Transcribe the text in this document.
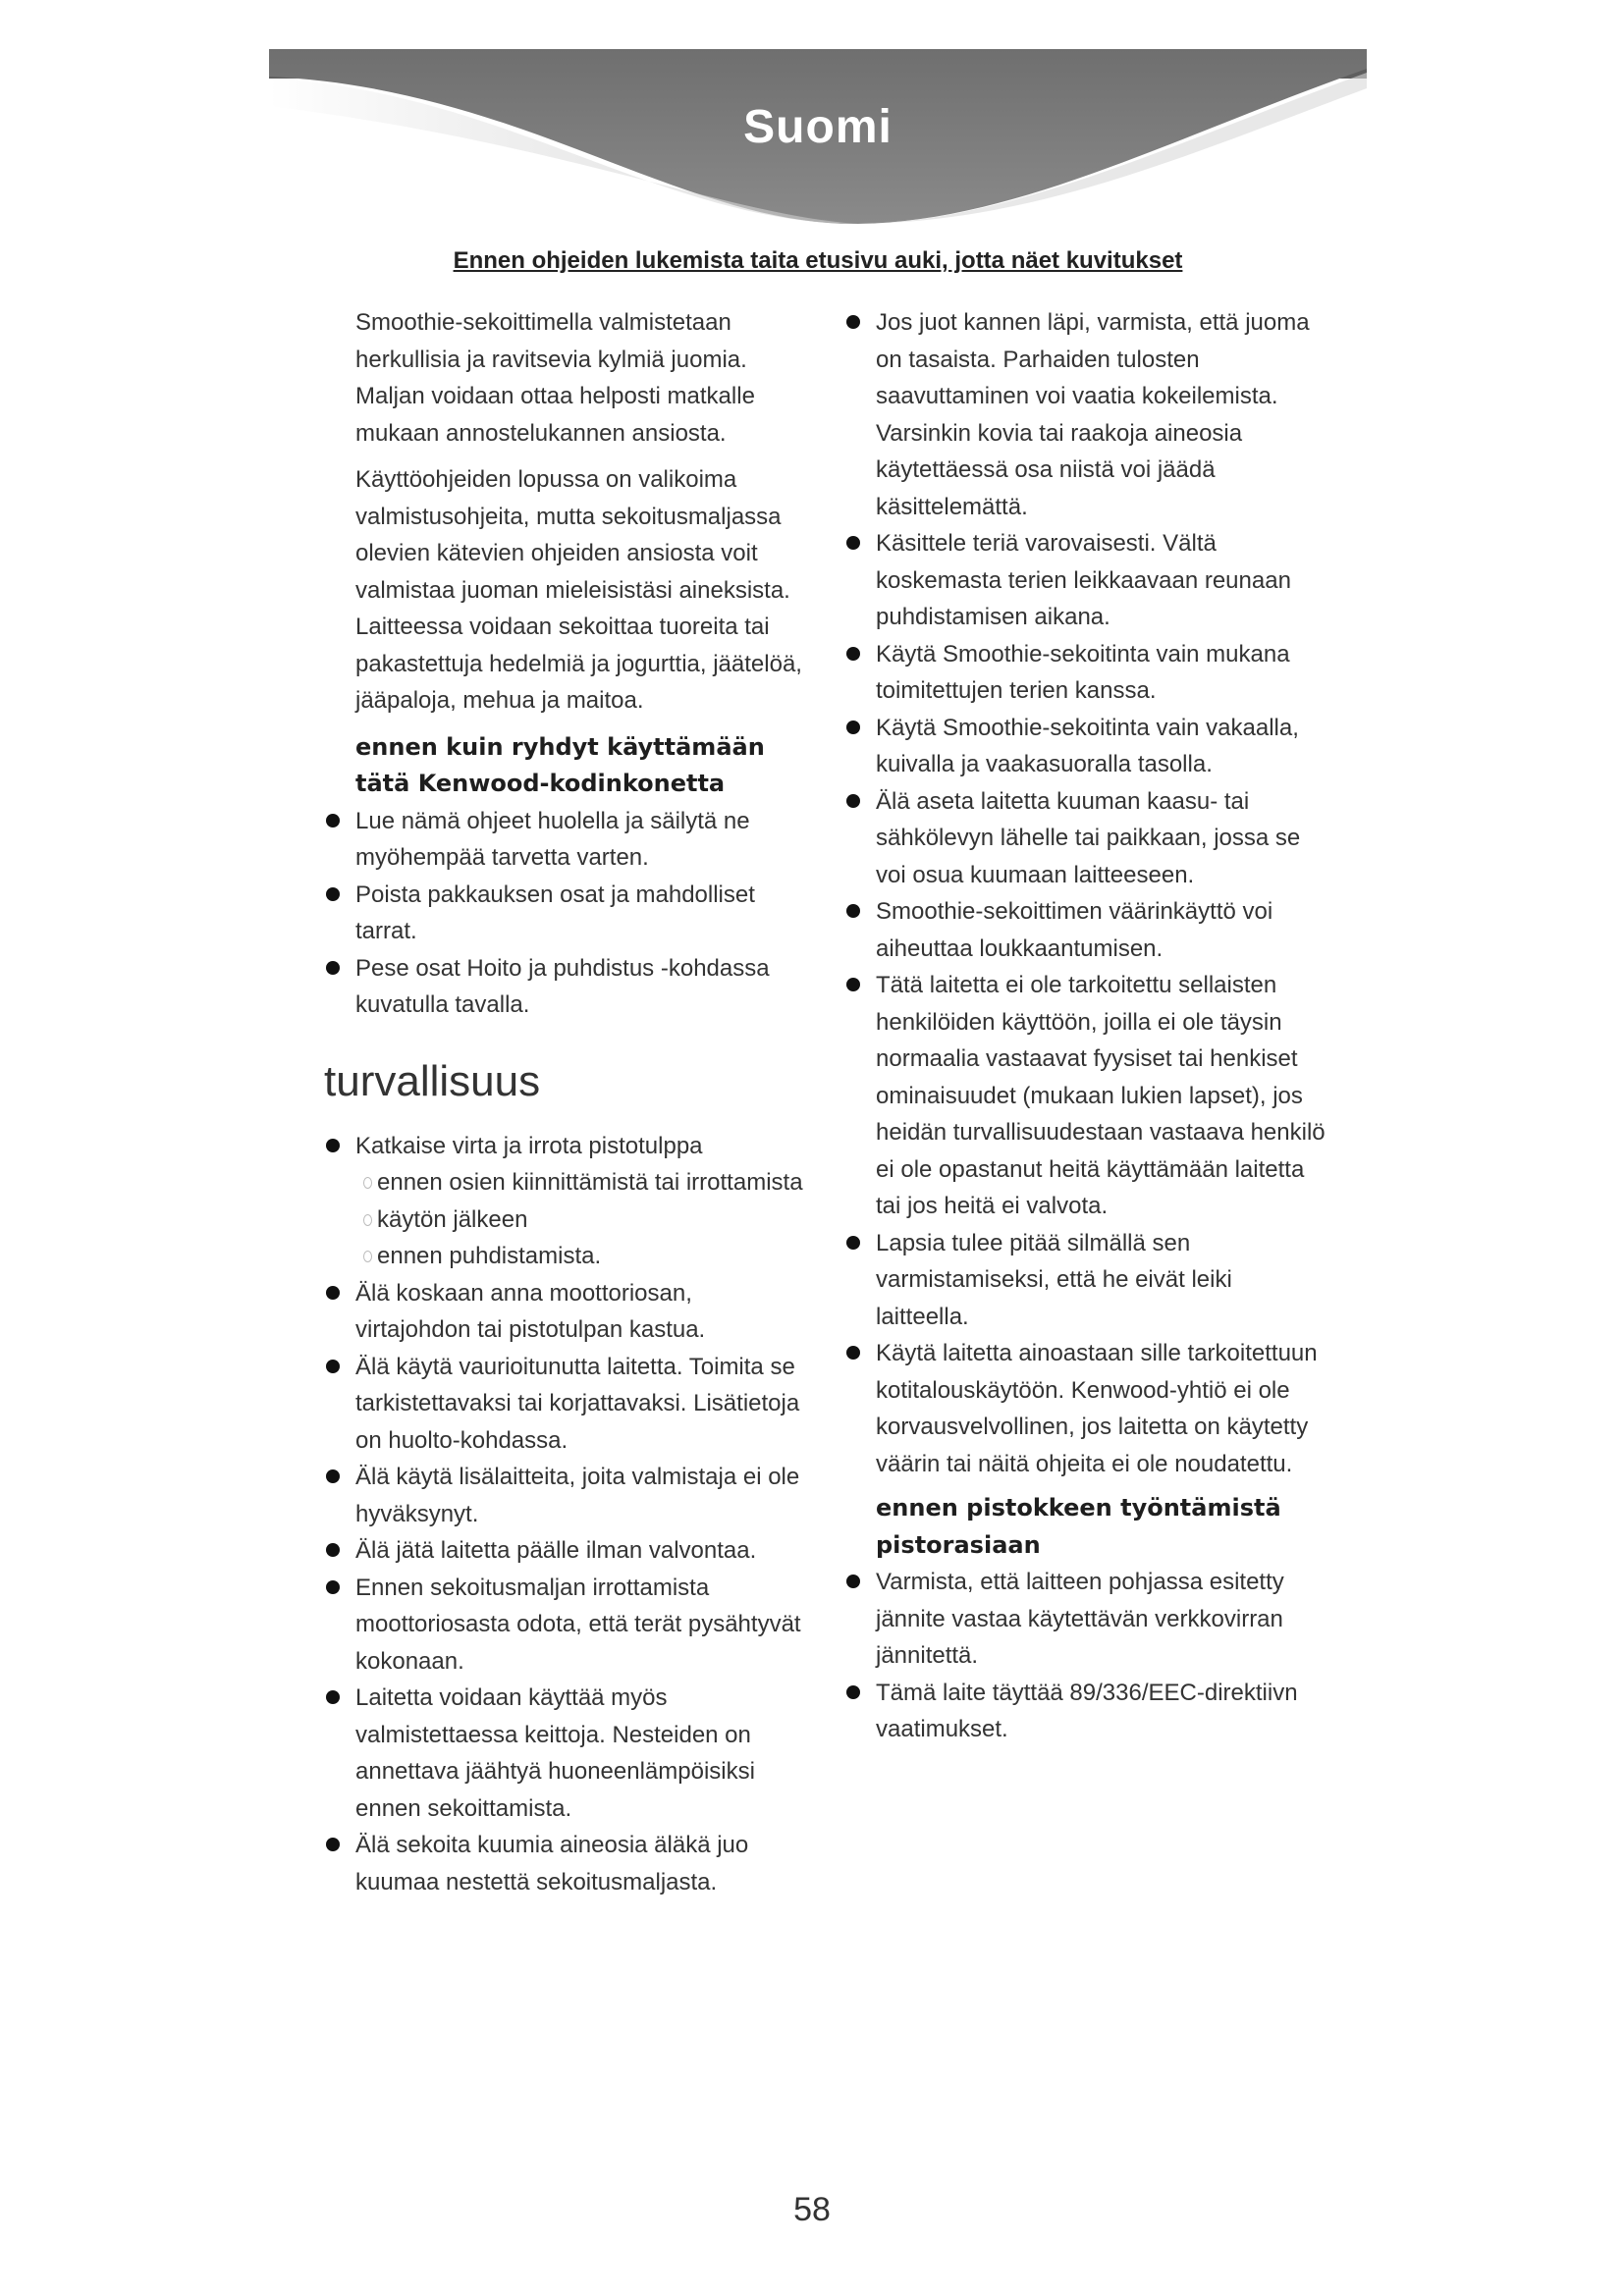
Suomi
Ennen ohjeiden lukemista taita etusivu auki, jotta näet kuvitukset

Smoothie-sekoittimella valmistetaan herkullisia ja ravitsevia kylmiä juomia. Maljan voidaan ottaa helposti matkalle mukaan annostelukannen ansiosta.

Käyttöohjeiden lopussa on valikoima valmistusohjeita, mutta sekoitusmaljassa olevien kätevien ohjeiden ansiosta voit valmistaa juoman mieleisistäsi aineksista. Laitteessa voidaan sekoittaa tuoreita tai pakastettuja hedelmiä ja jogurttia, jäätelöä, jääpaloja, mehua ja maitoa.

ennen kuin ryhdyt käyttämään tätä Kenwood-kodinkonetta
Lue nämä ohjeet huolella ja säilytä ne myöhempää tarvetta varten.
Poista pakkauksen osat ja mahdolliset tarrat.
Pese osat Hoito ja puhdistus -kohdassa kuvatulla tavalla.
turvallisuus
Katkaise virta ja irrota pistotulppa
ennen osien kiinnittämistä tai irrottamista
käytön jälkeen
ennen puhdistamista.
Älä koskaan anna moottoriosan, virtajohdon tai pistotulpan kastua.
Älä käytä vaurioitunutta laitetta. Toimita se tarkistettavaksi tai korjattavaksi. Lisätietoja on huolto-kohdassa.
Älä käytä lisälaitteita, joita valmistaja ei ole hyväksynyt.
Älä jätä laitetta päälle ilman valvontaa.
Ennen sekoitusmaljan irrottamista moottoriosasta odota, että terät pysähtyvät kokonaan.
Laitetta voidaan käyttää myös valmistettaessa keittoja. Nesteiden on annettava jäähtyä huoneenlämpöisiksi ennen sekoittamista.
Älä sekoita kuumia aineosia äläkä juo kuumaa nestettä sekoitusmaljasta.
Jos juot kannen läpi, varmista, että juoma on tasaista. Parhaiden tulosten saavuttaminen voi vaatia kokeilemista. Varsinkin kovia tai raakoja aineosia käytettäessä osa niistä voi jäädä käsittelemättä.
Käsittele teriä varovaisesti. Vältä koskemasta terien leikkaavaan reunaan puhdistamisen aikana.
Käytä Smoothie-sekoitinta vain mukana toimitettujen terien kanssa.
Käytä Smoothie-sekoitinta vain vakaalla, kuivalla ja vaakasuoralla tasolla.
Älä aseta laitetta kuuman kaasu- tai sähkölevyn lähelle tai paikkaan, jossa se voi osua kuumaan laitteeseen.
Smoothie-sekoittimen väärinkäyttö voi aiheuttaa loukkaantumisen.
Tätä laitetta ei ole tarkoitettu sellaisten henkilöiden käyttöön, joilla ei ole täysin normaalia vastaavat fyysiset tai henkiset ominaisuudet (mukaan lukien lapset), jos heidän turvallisuudestaan vastaava henkilö ei ole opastanut heitä käyttämään laitetta tai jos heitä ei valvota.
Lapsia tulee pitää silmällä sen varmistamiseksi, että he eivät leiki laitteella.
Käytä laitetta ainoastaan sille tarkoitettuun kotitalouskäytöön. Kenwood-yhtiö ei ole korvausvelvollinen, jos laitetta on käytetty väärin tai näitä ohjeita ei ole noudatettu.
ennen pistokkeen työntämistä pistorasiaan
Varmista, että laitteen pohjassa esitetty jännite vastaa käytettävän verkkovirran jännitettä.
Tämä laite täyttää 89/336/EEC-direktiivn vaatimukset.
58
